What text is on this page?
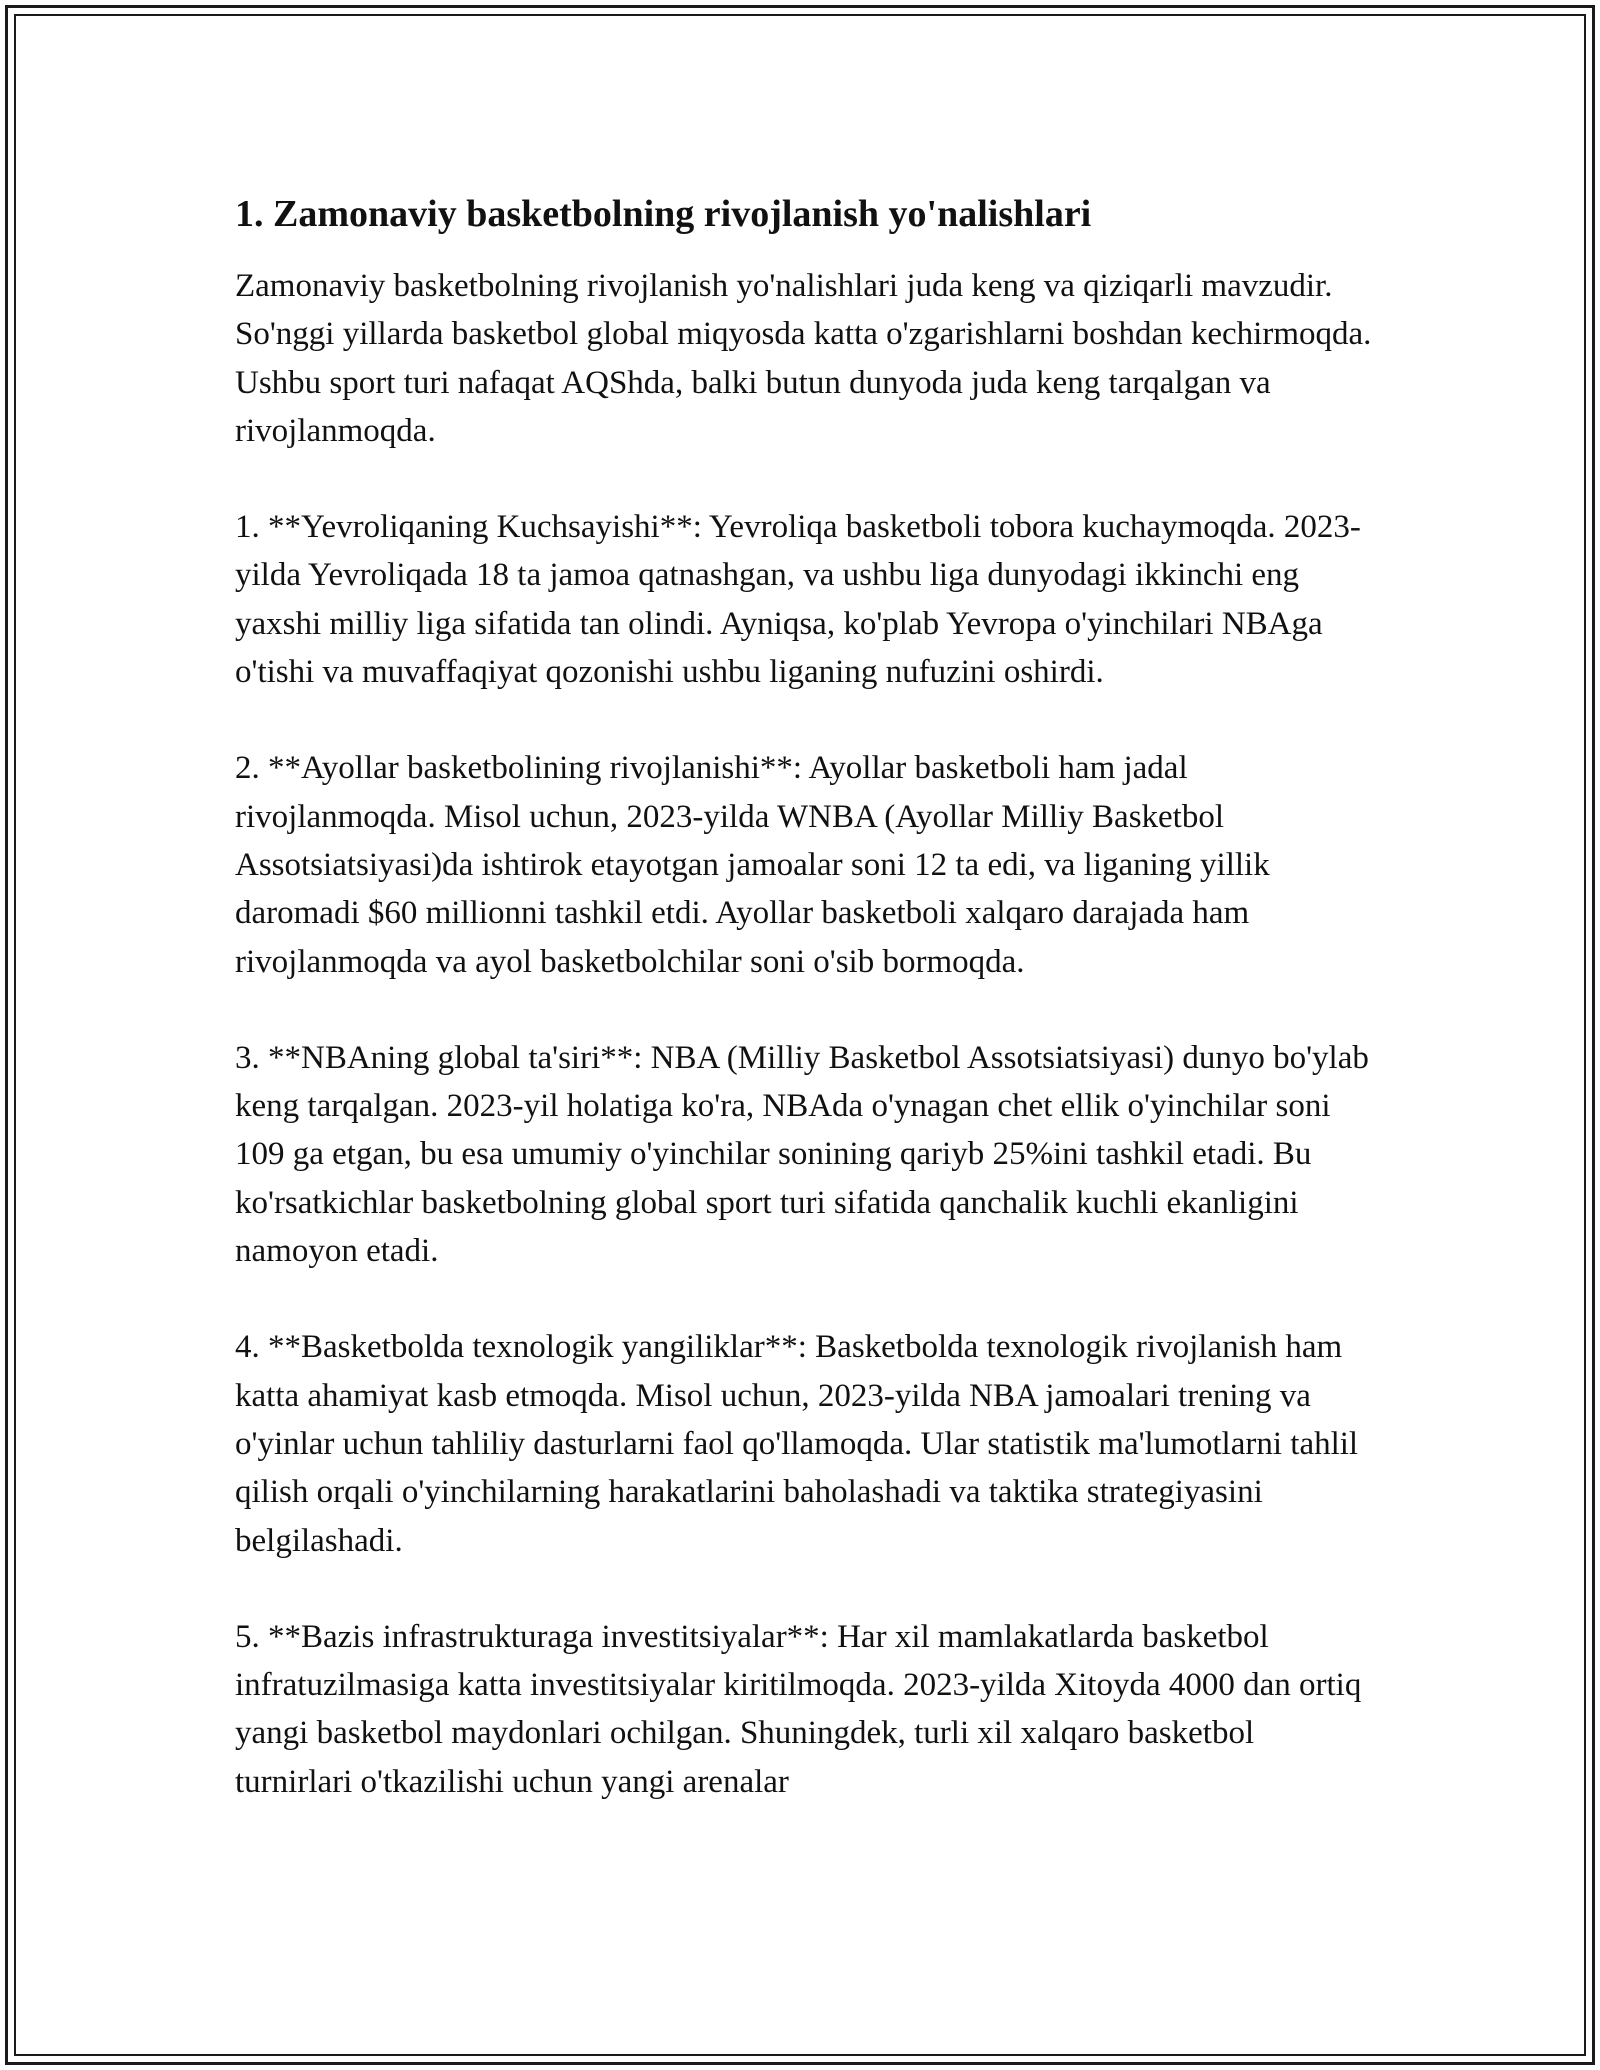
1. Zamonaviy basketbolning rivojlanish yo'nalishlari

Zamonaviy basketbolning rivojlanish yo'nalishlari juda keng va qiziqarli mavzudir. So'nggi yillarda basketbol global miqyosda katta o'zgarishlarni boshdan kechirmoqda. Ushbu sport turi nafaqat AQShda, balki butun dunyoda juda keng tarqalgan va rivojlanmoqda.

1. **Yevroliqaning Kuchsayishi**: Yevroliqa basketboli tobora kuchaymoqda. 2023-yilda Yevroliqada 18 ta jamoa qatnashgan, va ushbu liga dunyodagi ikkinchi eng yaxshi milliy liga sifatida tan olindi. Ayniqsa, ko'plab Yevropa o'yinchilari NBAga o'tishi va muvaffaqiyat qozonishi ushbu liganing nufuzini oshirdi.

2. **Ayollar basketbolining rivojlanishi**: Ayollar basketboli ham jadal rivojlanmoqda. Misol uchun, 2023-yilda WNBA (Ayollar Milliy Basketbol Assotsiatsiyasi)da ishtirok etayotgan jamoalar soni 12 ta edi, va liganing yillik daromadi $60 millionni tashkil etdi. Ayollar basketboli xalqaro darajada ham rivojlanmoqda va ayol basketbolchilar soni o'sib bormoqda.

3. **NBAning global ta'siri**: NBA (Milliy Basketbol Assotsiatsiyasi) dunyo bo'ylab keng tarqalgan. 2023-yil holatiga ko'ra, NBAda o'ynagan chet ellik o'yinchilar soni 109 ga etgan, bu esa umumiy o'yinchilar sonining qariyb 25%ini tashkil etadi. Bu ko'rsatkichlar basketbolning global sport turi sifatida qanchalik kuchli ekanligini namoyon etadi.

4. **Basketbolda texnologik yangiliklar**: Basketbolda texnologik rivojlanish ham katta ahamiyat kasb etmoqda. Misol uchun, 2023-yilda NBA jamoalari trening va o'yinlar uchun tahliliy dasturlarni faol qo'llamoqda. Ular statistik ma'lumotlarni tahlil qilish orqali o'yinchilarning harakatlarini baholashadi va taktika strategiyasini belgilashadi.

5. **Bazis infrastrukturaga investitsiyalar**: Har xil mamlakatlarda basketbol infratuzilmasiga katta investitsiyalar kiritilmoqda. 2023-yilda Xitoyda 4000 dan ortiq yangi basketbol maydonlari ochilgan. Shuningdek, turli xil xalqaro basketbol turnirlari o'tkazilishi uchun yangi arenalar
